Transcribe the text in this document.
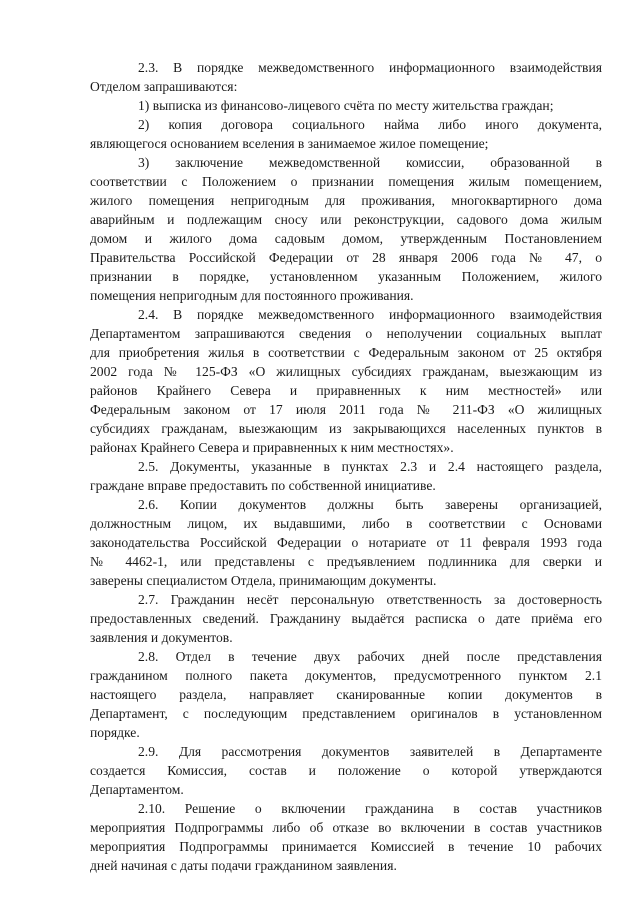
2.3. В порядке межведомственного информационного взаимодействия
Отделом запрашиваются:
1) выписка из финансово-лицевого счёта по месту жительства граждан;
2) копия договора социального найма либо иного документа,
являющегося основанием вселения в занимаемое жилое помещение;
3) заключение межведомственной комиссии, образованной в
соответствии с Положением о признании помещения жилым помещением,
жилого помещения непригодным для проживания, многоквартирного дома
аварийным и подлежащим сносу или реконструкции, садового дома жилым
домом и жилого дома садовым домом, утвержденным Постановлением
Правительства Российской Федерации от 28 января 2006 года № 47, о
признании в порядке, установленном указанным Положением, жилого
помещения непригодным для постоянного проживания.
2.4. В порядке межведомственного информационного взаимодействия
Департаментом запрашиваются сведения о неполучении социальных выплат
для приобретения жилья в соответствии с Федеральным законом от 25 октября
2002 года № 125-ФЗ «О жилищных субсидиях гражданам, выезжающим из
районов Крайнего Севера и приравненных к ним местностей» или
Федеральным законом от 17 июля 2011 года № 211-ФЗ «О жилищных
субсидиях гражданам, выезжающим из закрывающихся населенных пунктов в
районах Крайнего Севера и приравненных к ним местностях».
2.5. Документы, указанные в пунктах 2.3 и 2.4 настоящего раздела,
граждане вправе предоставить по собственной инициативе.
2.6. Копии документов должны быть заверены организацией,
должностным лицом, их выдавшими, либо в соответствии с Основами
законодательства Российской Федерации о нотариате от 11 февраля 1993 года
№ 4462-1, или представлены с предъявлением подлинника для сверки и
заверены специалистом Отдела, принимающим документы.
2.7. Гражданин несёт персональную ответственность за достоверность
предоставленных сведений. Гражданину выдаётся расписка о дате приёма его
заявления и документов.
2.8. Отдел в течение двух рабочих дней после представления
гражданином полного пакета документов, предусмотренного пунктом 2.1
настоящего раздела, направляет сканированные копии документов в
Департамент, с последующим представлением оригиналов в установленном
порядке.
2.9. Для рассмотрения документов заявителей в Департаменте
создается Комиссия, состав и положение о которой утверждаются
Департаментом.
2.10. Решение о включении гражданина в состав участников
мероприятия Подпрограммы либо об отказе во включении в состав участников
мероприятия Подпрограммы принимается Комиссией в течение 10 рабочих
дней начиная с даты подачи гражданином заявления.
